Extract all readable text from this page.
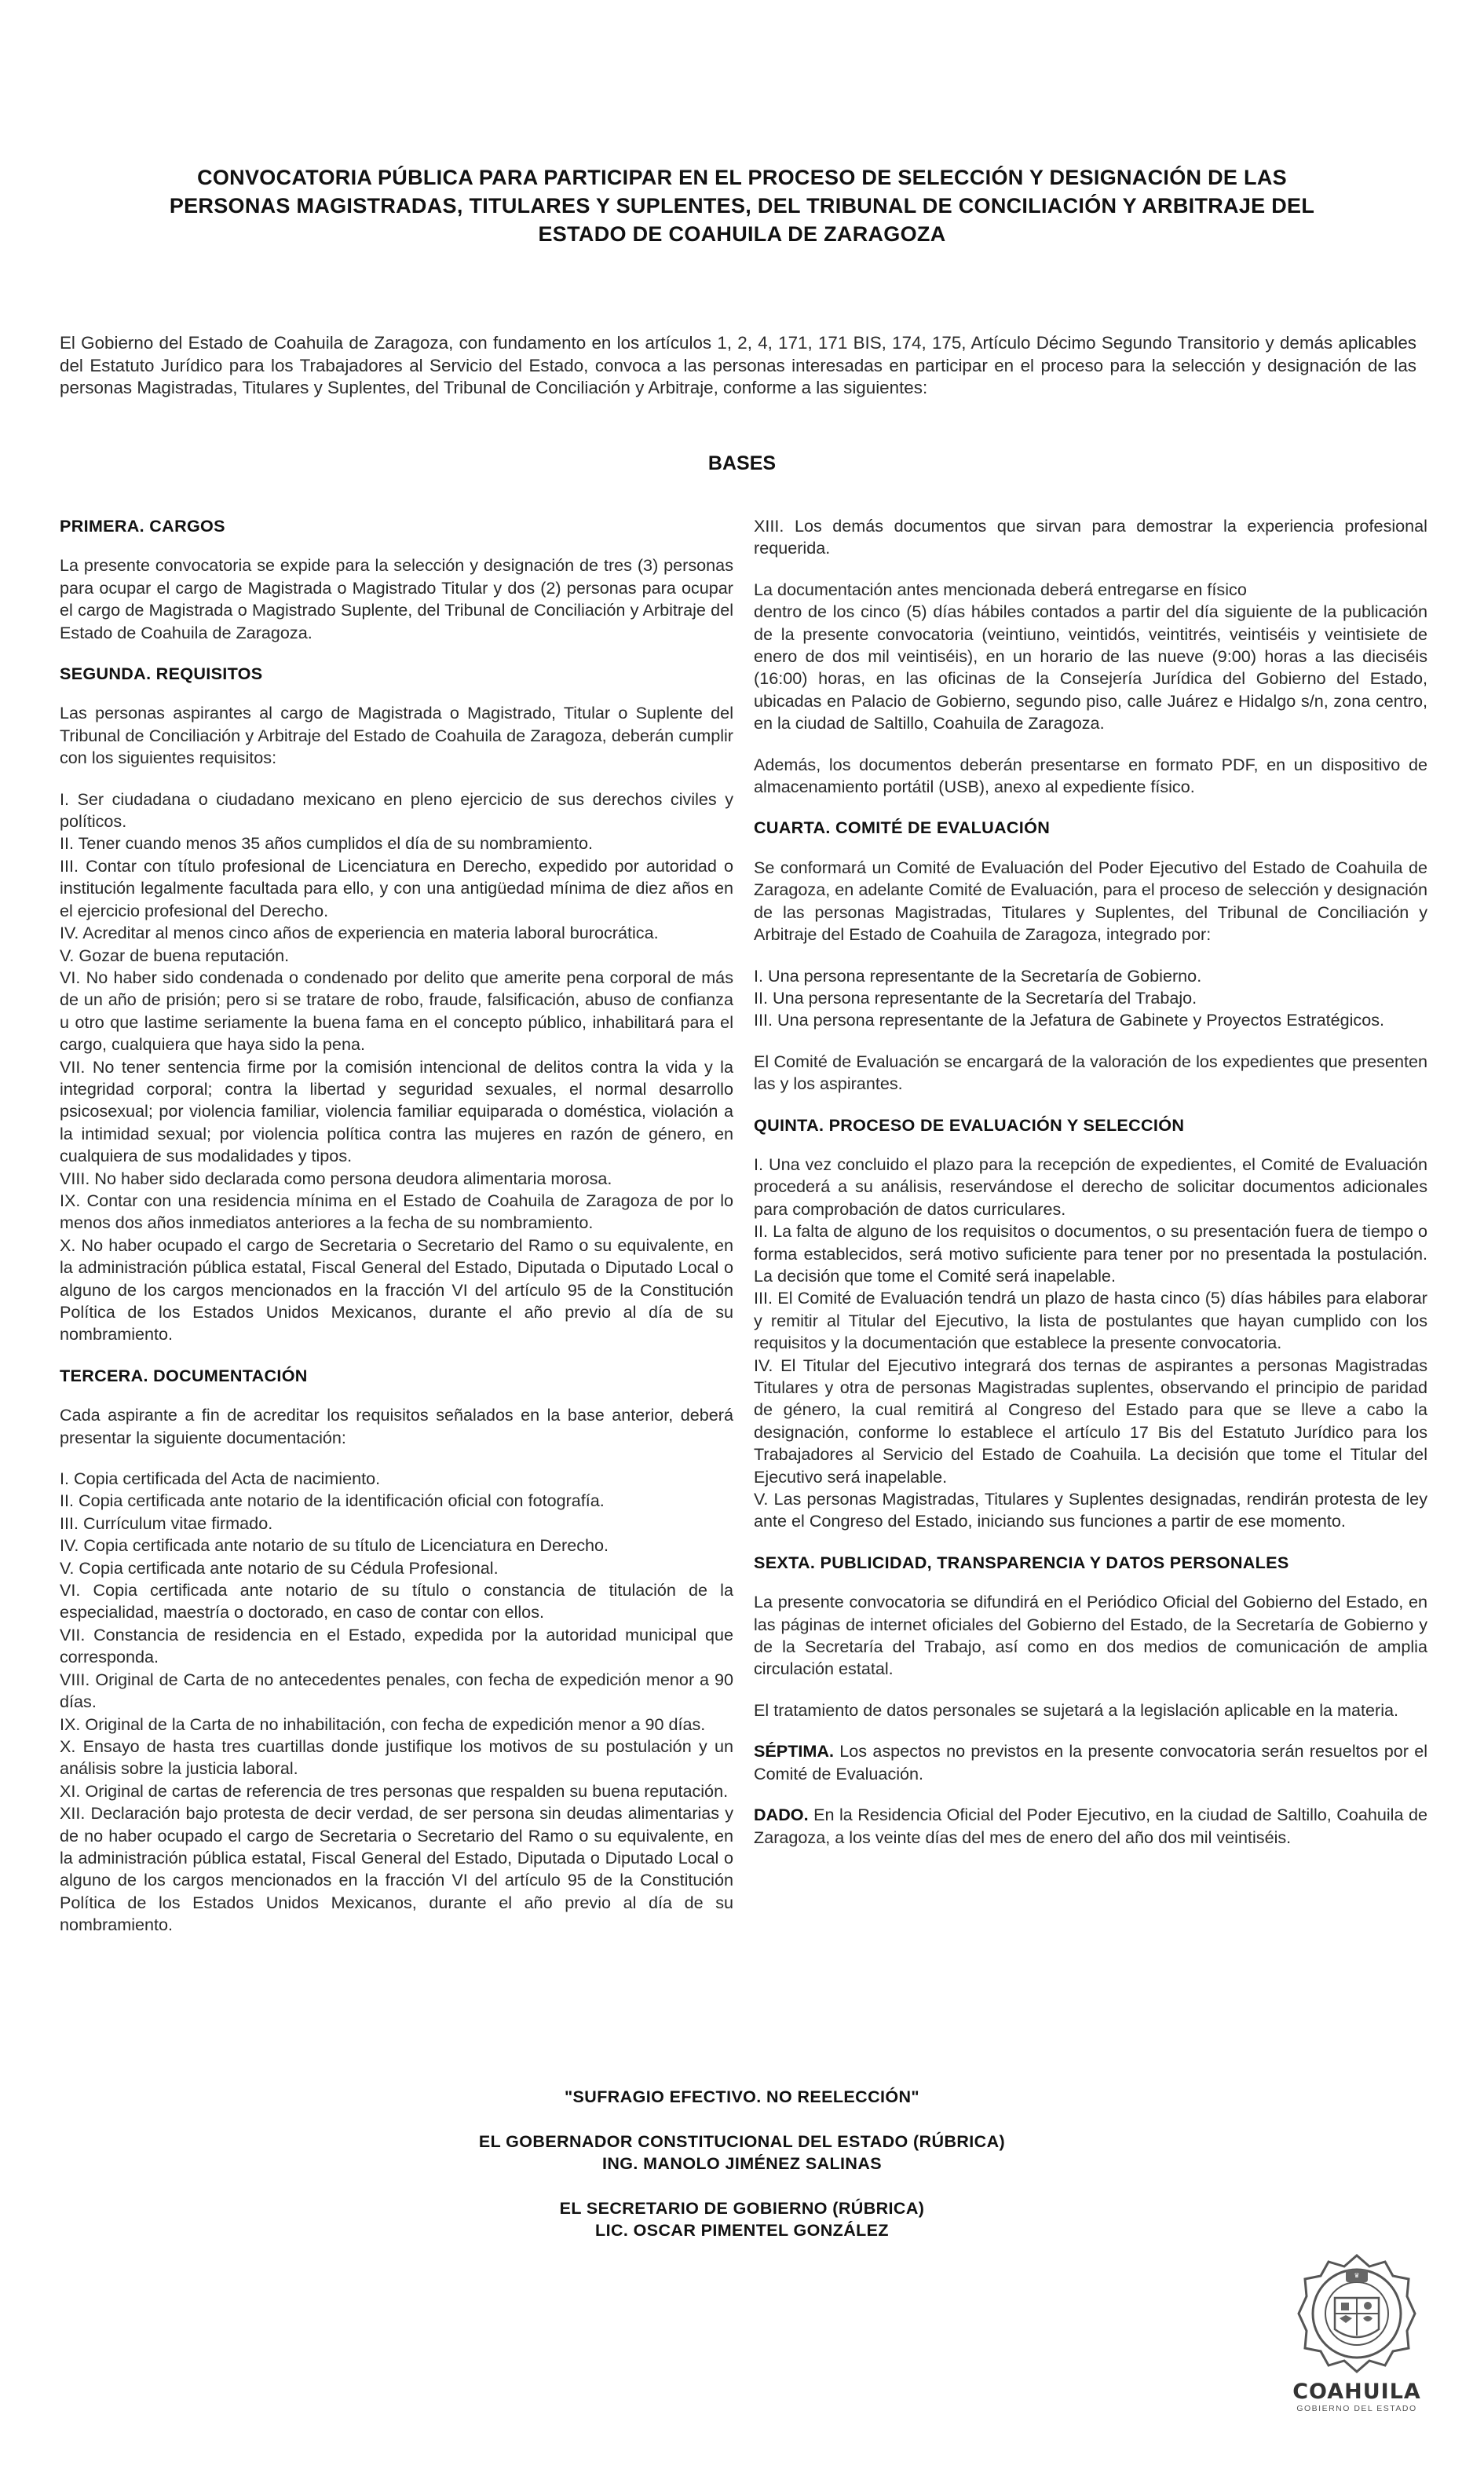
CONVOCATORIA PÚBLICA PARA PARTICIPAR EN EL PROCESO DE SELECCIÓN Y DESIGNACIÓN DE LAS
PERSONAS MAGISTRADAS, TITULARES Y SUPLENTES, DEL TRIBUNAL DE CONCILIACIÓN Y ARBITRAJE DEL
ESTADO DE COAHUILA DE ZARAGOZA
El Gobierno del Estado de Coahuila de Zaragoza, con fundamento en los artículos 1, 2, 4, 171, 171 BIS, 174, 175, Artículo Décimo Segundo Transitorio y demás aplicables del Estatuto Jurídico para los Trabajadores al Servicio del Estado, convoca a las personas interesadas en participar en el proceso para la selección y designación de las personas Magistradas, Titulares y Suplentes, del Tribunal de Conciliación y Arbitraje, conforme a las siguientes:
BASES
PRIMERA. CARGOS

La presente convocatoria se expide para la selección y designación de tres (3) personas para ocupar el cargo de Magistrada o Magistrado Titular y dos (2) personas para ocupar el cargo de Magistrada o Magistrado Suplente, del Tribunal de Conciliación y Arbitraje del Estado de Coahuila de Zaragoza.

SEGUNDA. REQUISITOS

Las personas aspirantes al cargo de Magistrada o Magistrado, Titular o Suplente del Tribunal de Conciliación y Arbitraje del Estado de Coahuila de Zaragoza, deberán cumplir con los siguientes requisitos:

I. Ser ciudadana o ciudadano mexicano en pleno ejercicio de sus derechos civiles y políticos.
II. Tener cuando menos 35 años cumplidos el día de su nombramiento.
III. Contar con título profesional de Licenciatura en Derecho, expedido por autoridad o institución legalmente facultada para ello, y con una antigüedad mínima de diez años en el ejercicio profesional del Derecho.
IV. Acreditar al menos cinco años de experiencia en materia laboral burocrática.
V. Gozar de buena reputación.
VI. No haber sido condenada o condenado por delito que amerite pena corporal de más de un año de prisión; pero si se tratare de robo, fraude, falsificación, abuso de confianza u otro que lastime seriamente la buena fama en el concepto público, inhabilitará para el cargo, cualquiera que haya sido la pena.
VII. No tener sentencia firme por la comisión intencional de delitos contra la vida y la integridad corporal; contra la libertad y seguridad sexuales, el normal desarrollo psicosexual; por violencia familiar, violencia familiar equiparada o doméstica, violación a la intimidad sexual; por violencia política contra las mujeres en razón de género, en cualquiera de sus modalidades y tipos.
VIII. No haber sido declarada como persona deudora alimentaria morosa.
IX. Contar con una residencia mínima en el Estado de Coahuila de Zaragoza de por lo menos dos años inmediatos anteriores a la fecha de su nombramiento.
X. No haber ocupado el cargo de Secretaria o Secretario del Ramo o su equivalente, en la administración pública estatal, Fiscal General del Estado, Diputada o Diputado Local o alguno de los cargos mencionados en la fracción VI del artículo 95 de la Constitución Política de los Estados Unidos Mexicanos, durante el año previo al día de su nombramiento.
TERCERA. DOCUMENTACIÓN

Cada aspirante a fin de acreditar los requisitos señalados en la base anterior, deberá presentar la siguiente documentación:

I. Copia certificada del Acta de nacimiento.
II. Copia certificada ante notario de la identificación oficial con fotografía.
III. Currículum vitae firmado.
IV. Copia certificada ante notario de su título de Licenciatura en Derecho.
V. Copia certificada ante notario de su Cédula Profesional.
VI. Copia certificada ante notario de su título o constancia de titulación de la especialidad, maestría o doctorado, en caso de contar con ellos.
VII. Constancia de residencia en el Estado, expedida por la autoridad municipal que corresponda.
VIII. Original de Carta de no antecedentes penales, con fecha de expedición menor a 90 días.
IX. Original de la Carta de no inhabilitación, con fecha de expedición menor a 90 días.
X. Ensayo de hasta tres cuartillas donde justifique los motivos de su postulación y un análisis sobre la justicia laboral.
XI. Original de cartas de referencia de tres personas que respalden su buena reputación.
XII. Declaración bajo protesta de decir verdad, de ser persona sin deudas alimentarias y de no haber ocupado el cargo de Secretaria o Secretario del Ramo o su equivalente, en la administración pública estatal, Fiscal General del Estado, Diputada o Diputado Local o alguno de los cargos mencionados en la fracción VI del artículo 95 de la Constitución Política de los Estados Unidos Mexicanos, durante el año previo al día de su nombramiento.

XIII. Los demás documentos que sirvan para demostrar la experiencia profesional requerida.

La documentación antes mencionada deberá entregarse en físico

dentro de los cinco (5) días hábiles contados a partir del día siguiente de la publicación de la presente convocatoria (veintiuno, veintidós, veintitrés, veintiséis y veintisiete de enero de dos mil veintiséis), en un horario de las nueve (9:00) horas a las dieciséis (16:00) horas, en las oficinas de la Consejería Jurídica del Gobierno del Estado, ubicadas en Palacio de Gobierno, segundo piso, calle Juárez e Hidalgo s/n, zona centro, en la ciudad de Saltillo, Coahuila de Zaragoza.

Además, los documentos deberán presentarse en formato PDF, en un dispositivo de almacenamiento portátil (USB), anexo al expediente físico.

CUARTA. COMITÉ DE EVALUACIÓN

Se conformará un Comité de Evaluación del Poder Ejecutivo del Estado de Coahuila de Zaragoza, en adelante Comité de Evaluación, para el proceso de selección y designación de las personas Magistradas, Titulares y Suplentes, del Tribunal de Conciliación y Arbitraje del Estado de Coahuila de Zaragoza, integrado por:

I. Una persona representante de la Secretaría de Gobierno.
II. Una persona representante de la Secretaría del Trabajo.
III. Una persona representante de la Jefatura de Gabinete y Proyectos Estratégicos.

El Comité de Evaluación se encargará de la valoración de los expedientes que presenten las y los aspirantes.

QUINTA. PROCESO DE EVALUACIÓN Y SELECCIÓN
I. Una vez concluido el plazo para la recepción de expedientes, el Comité de Evaluación procederá a su análisis, reservándose el derecho de solicitar documentos adicionales para comprobación de datos curriculares.
II. La falta de alguno de los requisitos o documentos, o su presentación fuera de tiempo o forma establecidos, será motivo suficiente para tener por no presentada la postulación. La decisión que tome el Comité será inapelable.
III. El Comité de Evaluación tendrá un plazo de hasta cinco (5) días hábiles para elaborar y remitir al Titular del Ejecutivo, la lista de postulantes que hayan cumplido con los requisitos y la documentación que establece la presente convocatoria.
IV. El Titular del Ejecutivo integrará dos ternas de aspirantes a personas Magistradas Titulares y otra de personas Magistradas suplentes, observando el principio de paridad de género, la cual remitirá al Congreso del Estado para que se lleve a cabo la designación, conforme lo establece el artículo 17 Bis del Estatuto Jurídico para los Trabajadores al Servicio del Estado de Coahuila. La decisión que tome el Titular del Ejecutivo será inapelable.
V. Las personas Magistradas, Titulares y Suplentes designadas, rendirán protesta de ley ante el Congreso del Estado, iniciando sus funciones a partir de ese momento.
SEXTA. PUBLICIDAD, TRANSPARENCIA Y DATOS PERSONALES

La presente convocatoria se difundirá en el Periódico Oficial del Gobierno del Estado, en las páginas de internet oficiales del Gobierno del Estado, de la Secretaría de Gobierno y de la Secretaría del Trabajo, así como en dos medios de comunicación de amplia circulación estatal.

El tratamiento de datos personales se sujetará a la legislación aplicable en la materia.

SÉPTIMA. Los aspectos no previstos en la presente convocatoria serán resueltos por el Comité de Evaluación.

DADO. En la Residencia Oficial del Poder Ejecutivo, en la ciudad de Saltillo, Coahuila de Zaragoza, a los veinte días del mes de enero del año dos mil veintiséis.

"SUFRAGIO EFECTIVO. NO REELECCIÓN"
EL GOBERNADOR CONSTITUCIONAL DEL ESTADO (RÚBRICA)
ING. MANOLO JIMÉNEZ SALINAS
EL SECRETARIO DE GOBIERNO (RÚBRICA)
LIC. OSCAR PIMENTEL GONZÁLEZ
♛
COAHUILA
GOBIERNO DEL ESTADO
